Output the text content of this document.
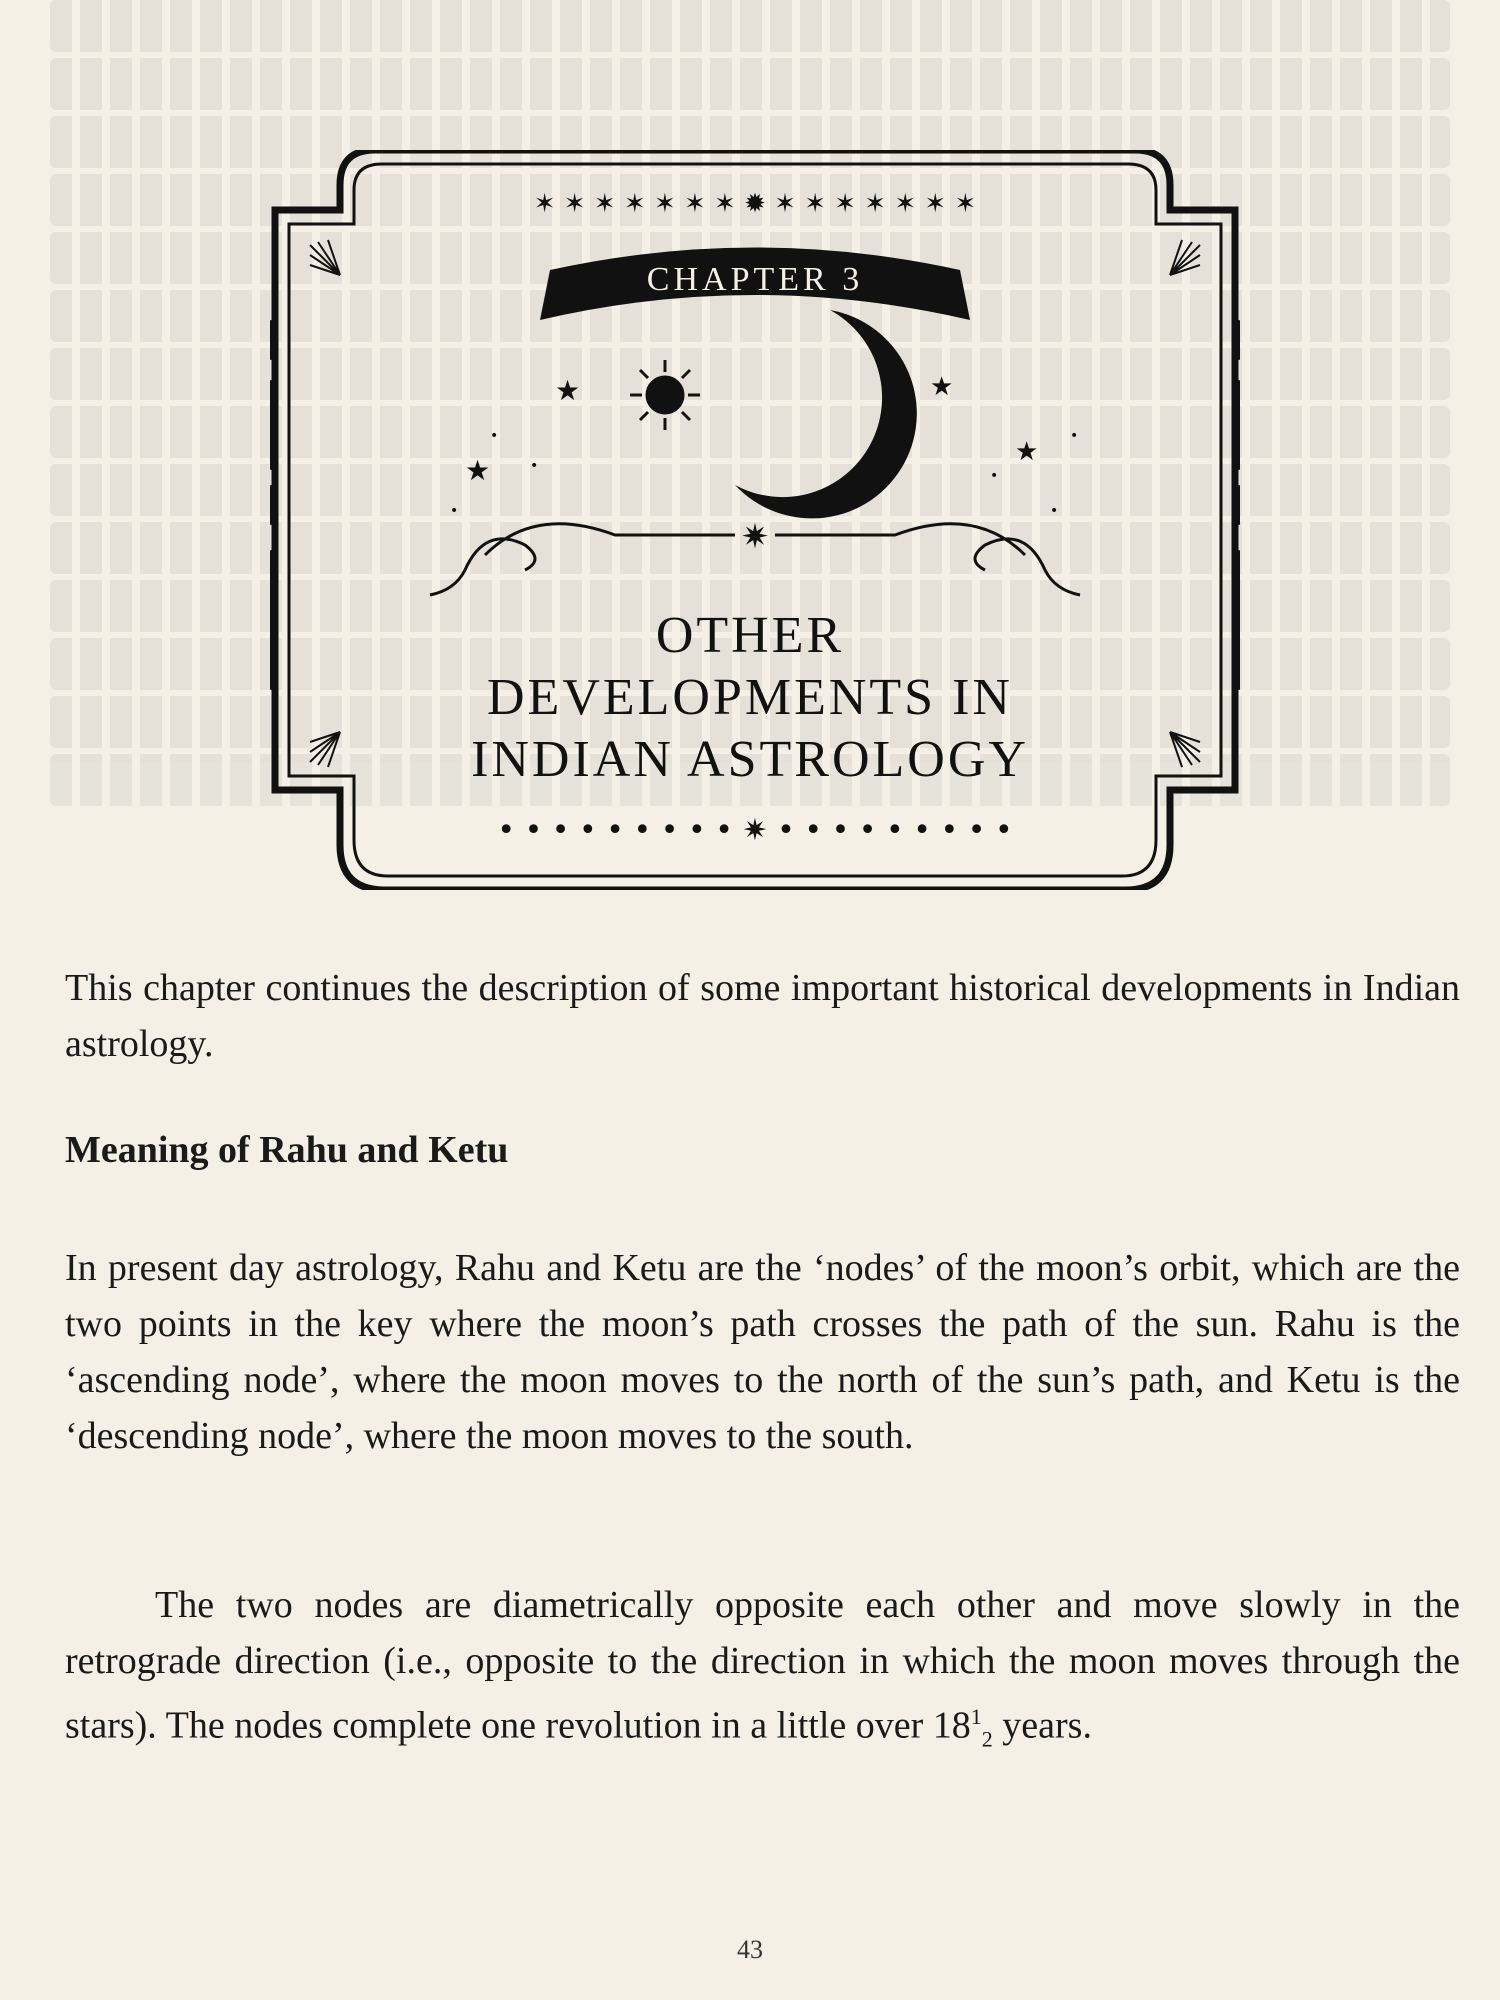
✶ ✶ ✶ ✶ ✶ ✶ ✶ ✹ ✶ ✶ ✶ ✶ ✶ ✶ ✶
CHAPTER 3
★	★
•	•
★
★
•
•
•	•
✷
• • • • • • • • • ✷ • • • • • • • • •
OTHER
DEVELOPMENTS IN
INDIAN ASTROLOGY

This chapter continues the description of some important historical developments in Indian astrology.

Meaning of Rahu and Ketu

In present day astrology, Rahu and Ketu are the ‘nodes’ of the moon’s orbit, which are the two points in the key where the moon’s path crosses the path of the sun. Rahu is the ‘ascending node’, where the moon moves to the north of the sun’s path, and Ketu is the ‘descending node’, where the moon moves to the south.

The two nodes are diametrically opposite each other and move slowly in the retrograde direction (i.e., opposite to the direction in which the moon moves through the stars). The nodes complete one revolution in a little over $18^1_2$ years.

43
